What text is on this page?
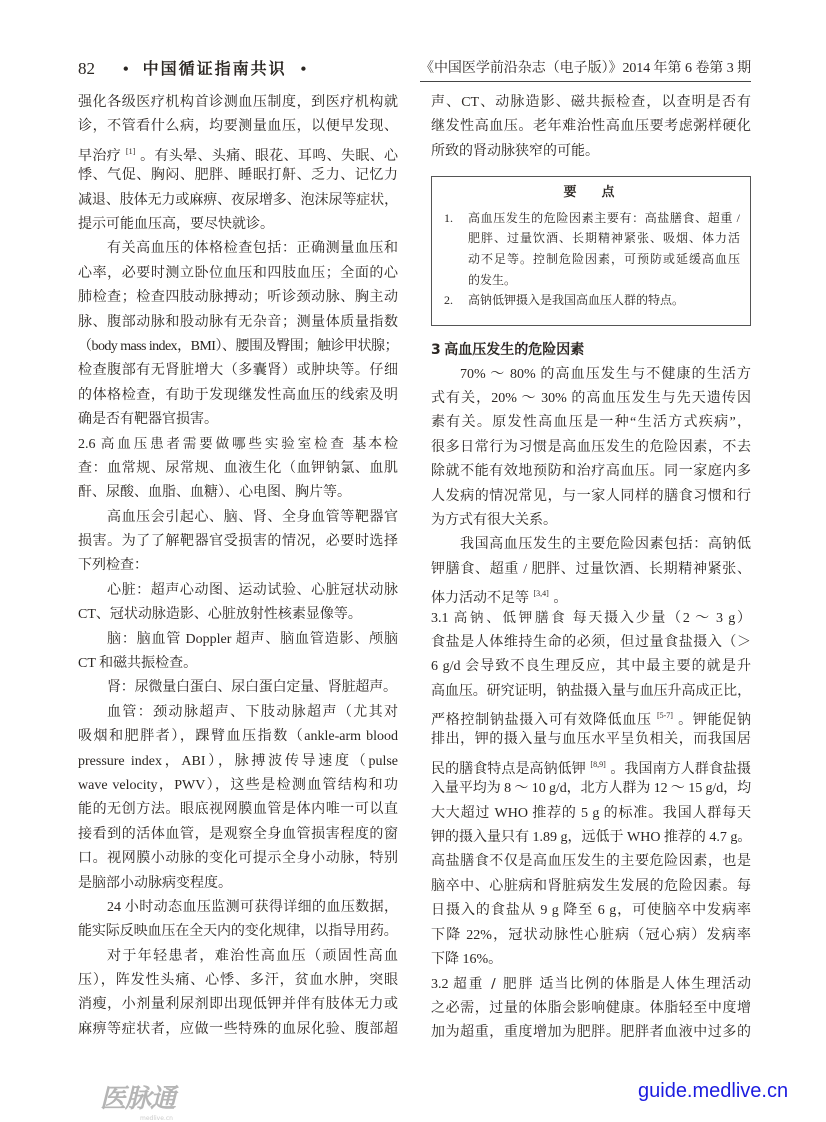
82 • 中国循证指南共识 •	《中国医学前沿杂志（电子版）》2014 年第 6 卷第 3 期
强化各级医疗机构首诊测血压制度，到医疗机构就
诊，不管看什么病，均要测量血压，以便早发现、
早治疗 [1] 。有头晕、头痛、眼花、耳鸣、失眠、心
悸、气促、胸闷、肥胖、睡眠打鼾、乏力、记忆力
减退、肢体无力或麻痹、夜尿增多、泡沫尿等症状，
提示可能血压高，要尽快就诊。
有关高血压的体格检查包括：正确测量血压和
心率，必要时测立卧位血压和四肢血压；全面的心
肺检查；检查四肢动脉搏动；听诊颈动脉、胸主动
脉、腹部动脉和股动脉有无杂音；测量体质量指数
（body mass index，BMI）、腰围及臀围；触诊甲状腺；
检查腹部有无肾脏增大（多囊肾）或肿块等。仔细
的体格检查，有助于发现继发性高血压的线索及明
确是否有靶器官损害。
2.6 高血压患者需要做哪些实验室检查 基本检
查：血常规、尿常规、血液生化（血钾钠氯、血肌
酐、尿酸、血脂、血糖）、心电图、胸片等。
高血压会引起心、脑、肾、全身血管等靶器官
损害。为了了解靶器官受损害的情况，必要时选择
下列检查：
心脏：超声心动图、运动试验、心脏冠状动脉
CT、冠状动脉造影、心脏放射性核素显像等。
脑：脑血管 Doppler 超声、脑血管造影、颅脑
CT 和磁共振检查。
肾：尿微量白蛋白、尿白蛋白定量、肾脏超声。
血管：颈动脉超声、下肢动脉超声（尤其对
吸烟和肥胖者），踝臂血压指数（ankle-arm blood
pressure index，ABI），脉搏波传导速度（pulse
wave velocity，PWV），这些是检测血管结构和功
能的无创方法。眼底视网膜血管是体内唯一可以直
接看到的活体血管，是观察全身血管损害程度的窗
口。视网膜小动脉的变化可提示全身小动脉，特别
是脑部小动脉病变程度。
24 小时动态血压监测可获得详细的血压数据，
能实际反映血压在全天内的变化规律，以指导用药。
对于年轻患者，难治性高血压（顽固性高血
压），阵发性头痛、心悸、多汗，贫血水肿，突眼
消瘦，小剂量利尿剂即出现低钾并伴有肢体无力或
麻痹等症状者，应做一些特殊的血尿化验、腹部超
声、CT、动脉造影、磁共振检查，以查明是否有
继发性高血压。老年难治性高血压要考虑粥样硬化
所致的肾动脉狭窄的可能。
要　点
1.	高血压发生的危险因素主要有：高盐膳食、超重 /
肥胖、过量饮酒、长期精神紧张、吸烟、体力活
动不足等。控制危险因素，可预防或延缓高血压
的发生。
2.	高钠低钾摄入是我国高血压人群的特点。
3 高血压发生的危险因素
70% ～ 80% 的高血压发生与不健康的生活方
式有关，20% ～ 30% 的高血压发生与先天遗传因
素有关。原发性高血压是一种“生活方式疾病”，
很多日常行为习惯是高血压发生的危险因素，不去
除就不能有效地预防和治疗高血压。同一家庭内多
人发病的情况常见，与一家人同样的膳食习惯和行
为方式有很大关系。
我国高血压发生的主要危险因素包括：高钠低
钾膳食、超重 / 肥胖、过量饮酒、长期精神紧张、
体力活动不足等 [3,4] 。
3.1 高钠、低钾膳食 每天摄入少量（2 ～ 3 g）
食盐是人体维持生命的必须，但过量食盐摄入（＞
6 g/d 会导致不良生理反应，其中最主要的就是升
高血压。研究证明，钠盐摄入量与血压升高成正比，
严格控制钠盐摄入可有效降低血压 [5-7] 。钾能促钠
排出，钾的摄入量与血压水平呈负相关，而我国居
民的膳食特点是高钠低钾 [8,9] 。我国南方人群食盐摄
入量平均为 8 ～ 10 g/d，北方人群为 12 ～ 15 g/d，均
大大超过 WHO 推荐的 5 g 的标准。我国人群每天
钾的摄入量只有 1.89 g，远低于 WHO 推荐的 4.7 g。
高盐膳食不仅是高血压发生的主要危险因素，也是
脑卒中、心脏病和肾脏病发生发展的危险因素。每
日摄入的食盐从 9 g 降至 6 g，可使脑卒中发病率
下降 22%，冠状动脉性心脏病（冠心病）发病率
下降 16%。
3.2 超重 / 肥胖 适当比例的体脂是人体生理活动
之必需，过量的体脂会影响健康。体脂轻至中度增
加为超重，重度增加为肥胖。肥胖者血液中过多的
医脉通
medlive.cn
guide.medlive.cn
